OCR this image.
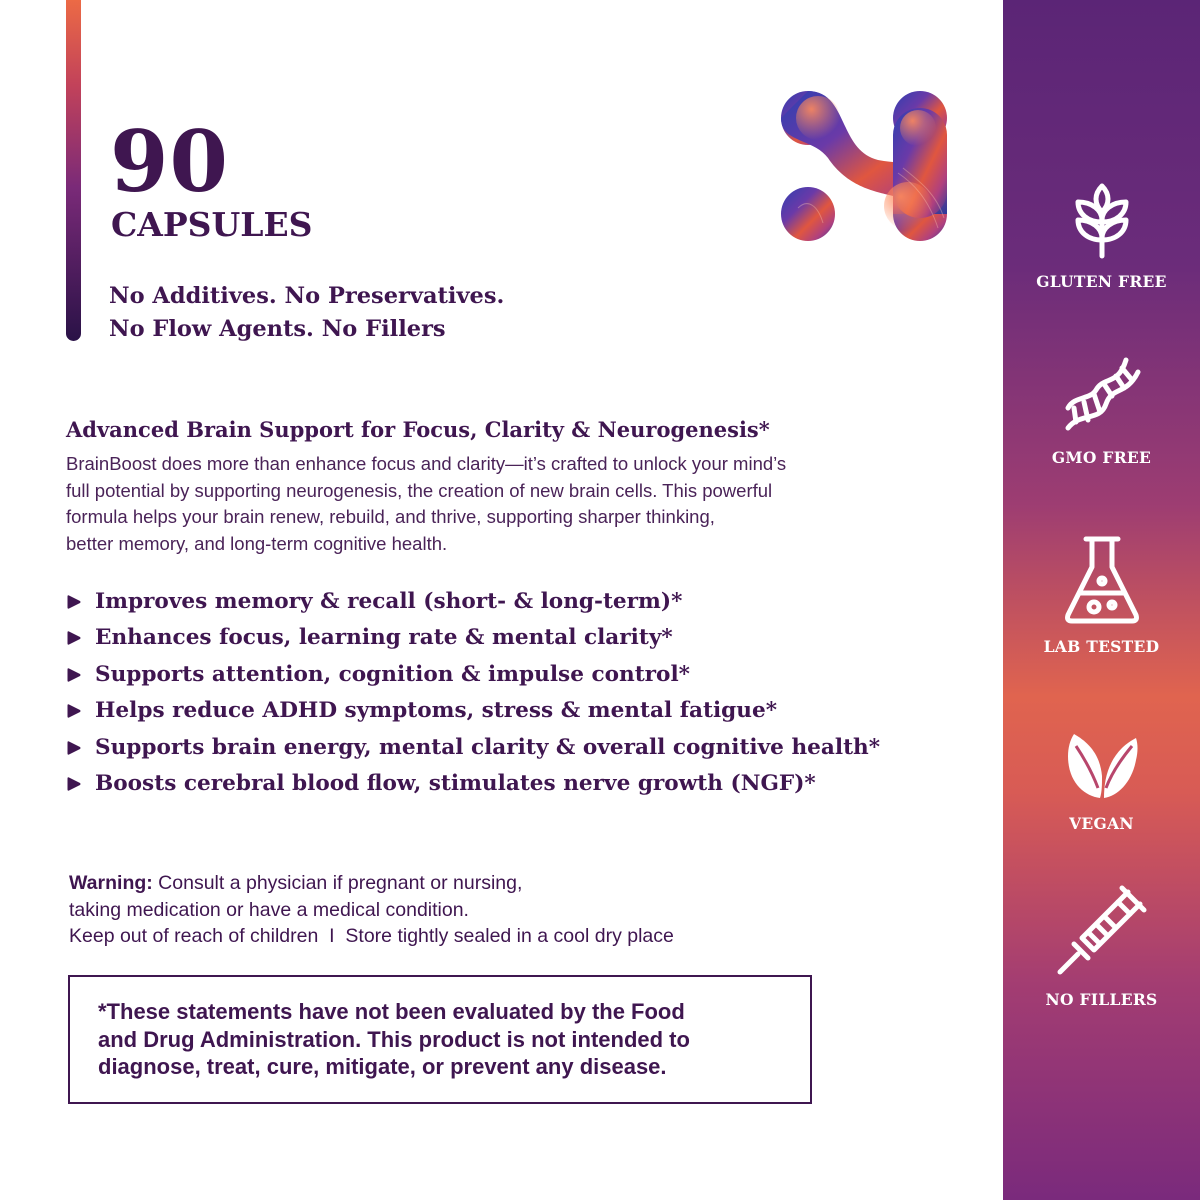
90
CAPSULES
No Additives. No Preservatives.
No Flow Agents. No Fillers
Advanced Brain Support for Focus, Clarity & Neurogenesis*
BrainBoost does more than enhance focus and clarity—it’s crafted to unlock your mind’s
full potential by supporting neurogenesis, the creation of new brain cells. This powerful
formula helps your brain renew, rebuild, and thrive, supporting sharper thinking,
better memory, and long-term cognitive health.
Improves memory & recall (short- & long-term)*
Enhances focus, learning rate & mental clarity*
Supports attention, cognition & impulse control*
Helps reduce ADHD symptoms, stress & mental fatigue*
Supports brain energy, mental clarity & overall cognitive health*
Boosts cerebral blood flow, stimulates nerve growth (NGF)*
Warning: Consult a physician if pregnant or nursing,
taking medication or have a medical condition.
Keep out of reach of children  I  Store tightly sealed in a cool dry place
*These statements have not been evaluated by the Food
and Drug Administration. This product is not intended to
diagnose, treat, cure, mitigate, or prevent any disease.
GLUTEN FREE
GMO FREE
LAB TESTED
VEGAN
NO FILLERS
